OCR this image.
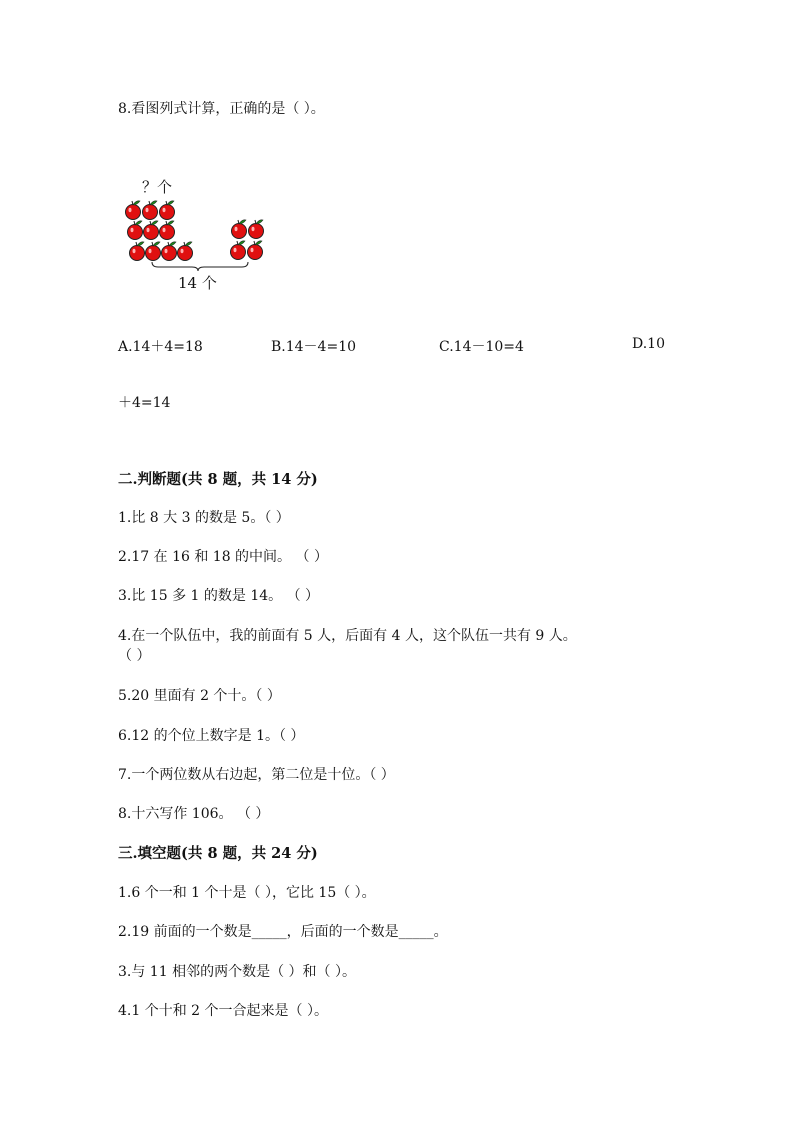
8.看图列式计算，正确的是（ ）。
？个
14 个
A.14＋4=18	B.14－4=10	C.14－10=4	D.10
＋4=14
二.判断题(共 8 题，共 14 分)
1.比 8 大 3 的数是 5。（ ）
2.17 在 16 和 18 的中间。 （ ）
3.比 15 多 1 的数是 14。 （ ）
4.在一个队伍中，我的前面有 5 人，后面有 4 人，这个队伍一共有 9 人。
（ ）
5.20 里面有 2 个十。（ ）
6.12 的个位上数字是 1。（ ）
7.一个两位数从右边起，第二位是十位。（ ）
8.十六写作 106。 （ ）
三.填空题(共 8 题，共 24 分)
1.6 个一和 1 个十是（ ），它比 15（ ）。
2.19 前面的一个数是_____，后面的一个数是_____。
3.与 11 相邻的两个数是（ ）和（ ）。
4.1 个十和 2 个一合起来是（ ）。
